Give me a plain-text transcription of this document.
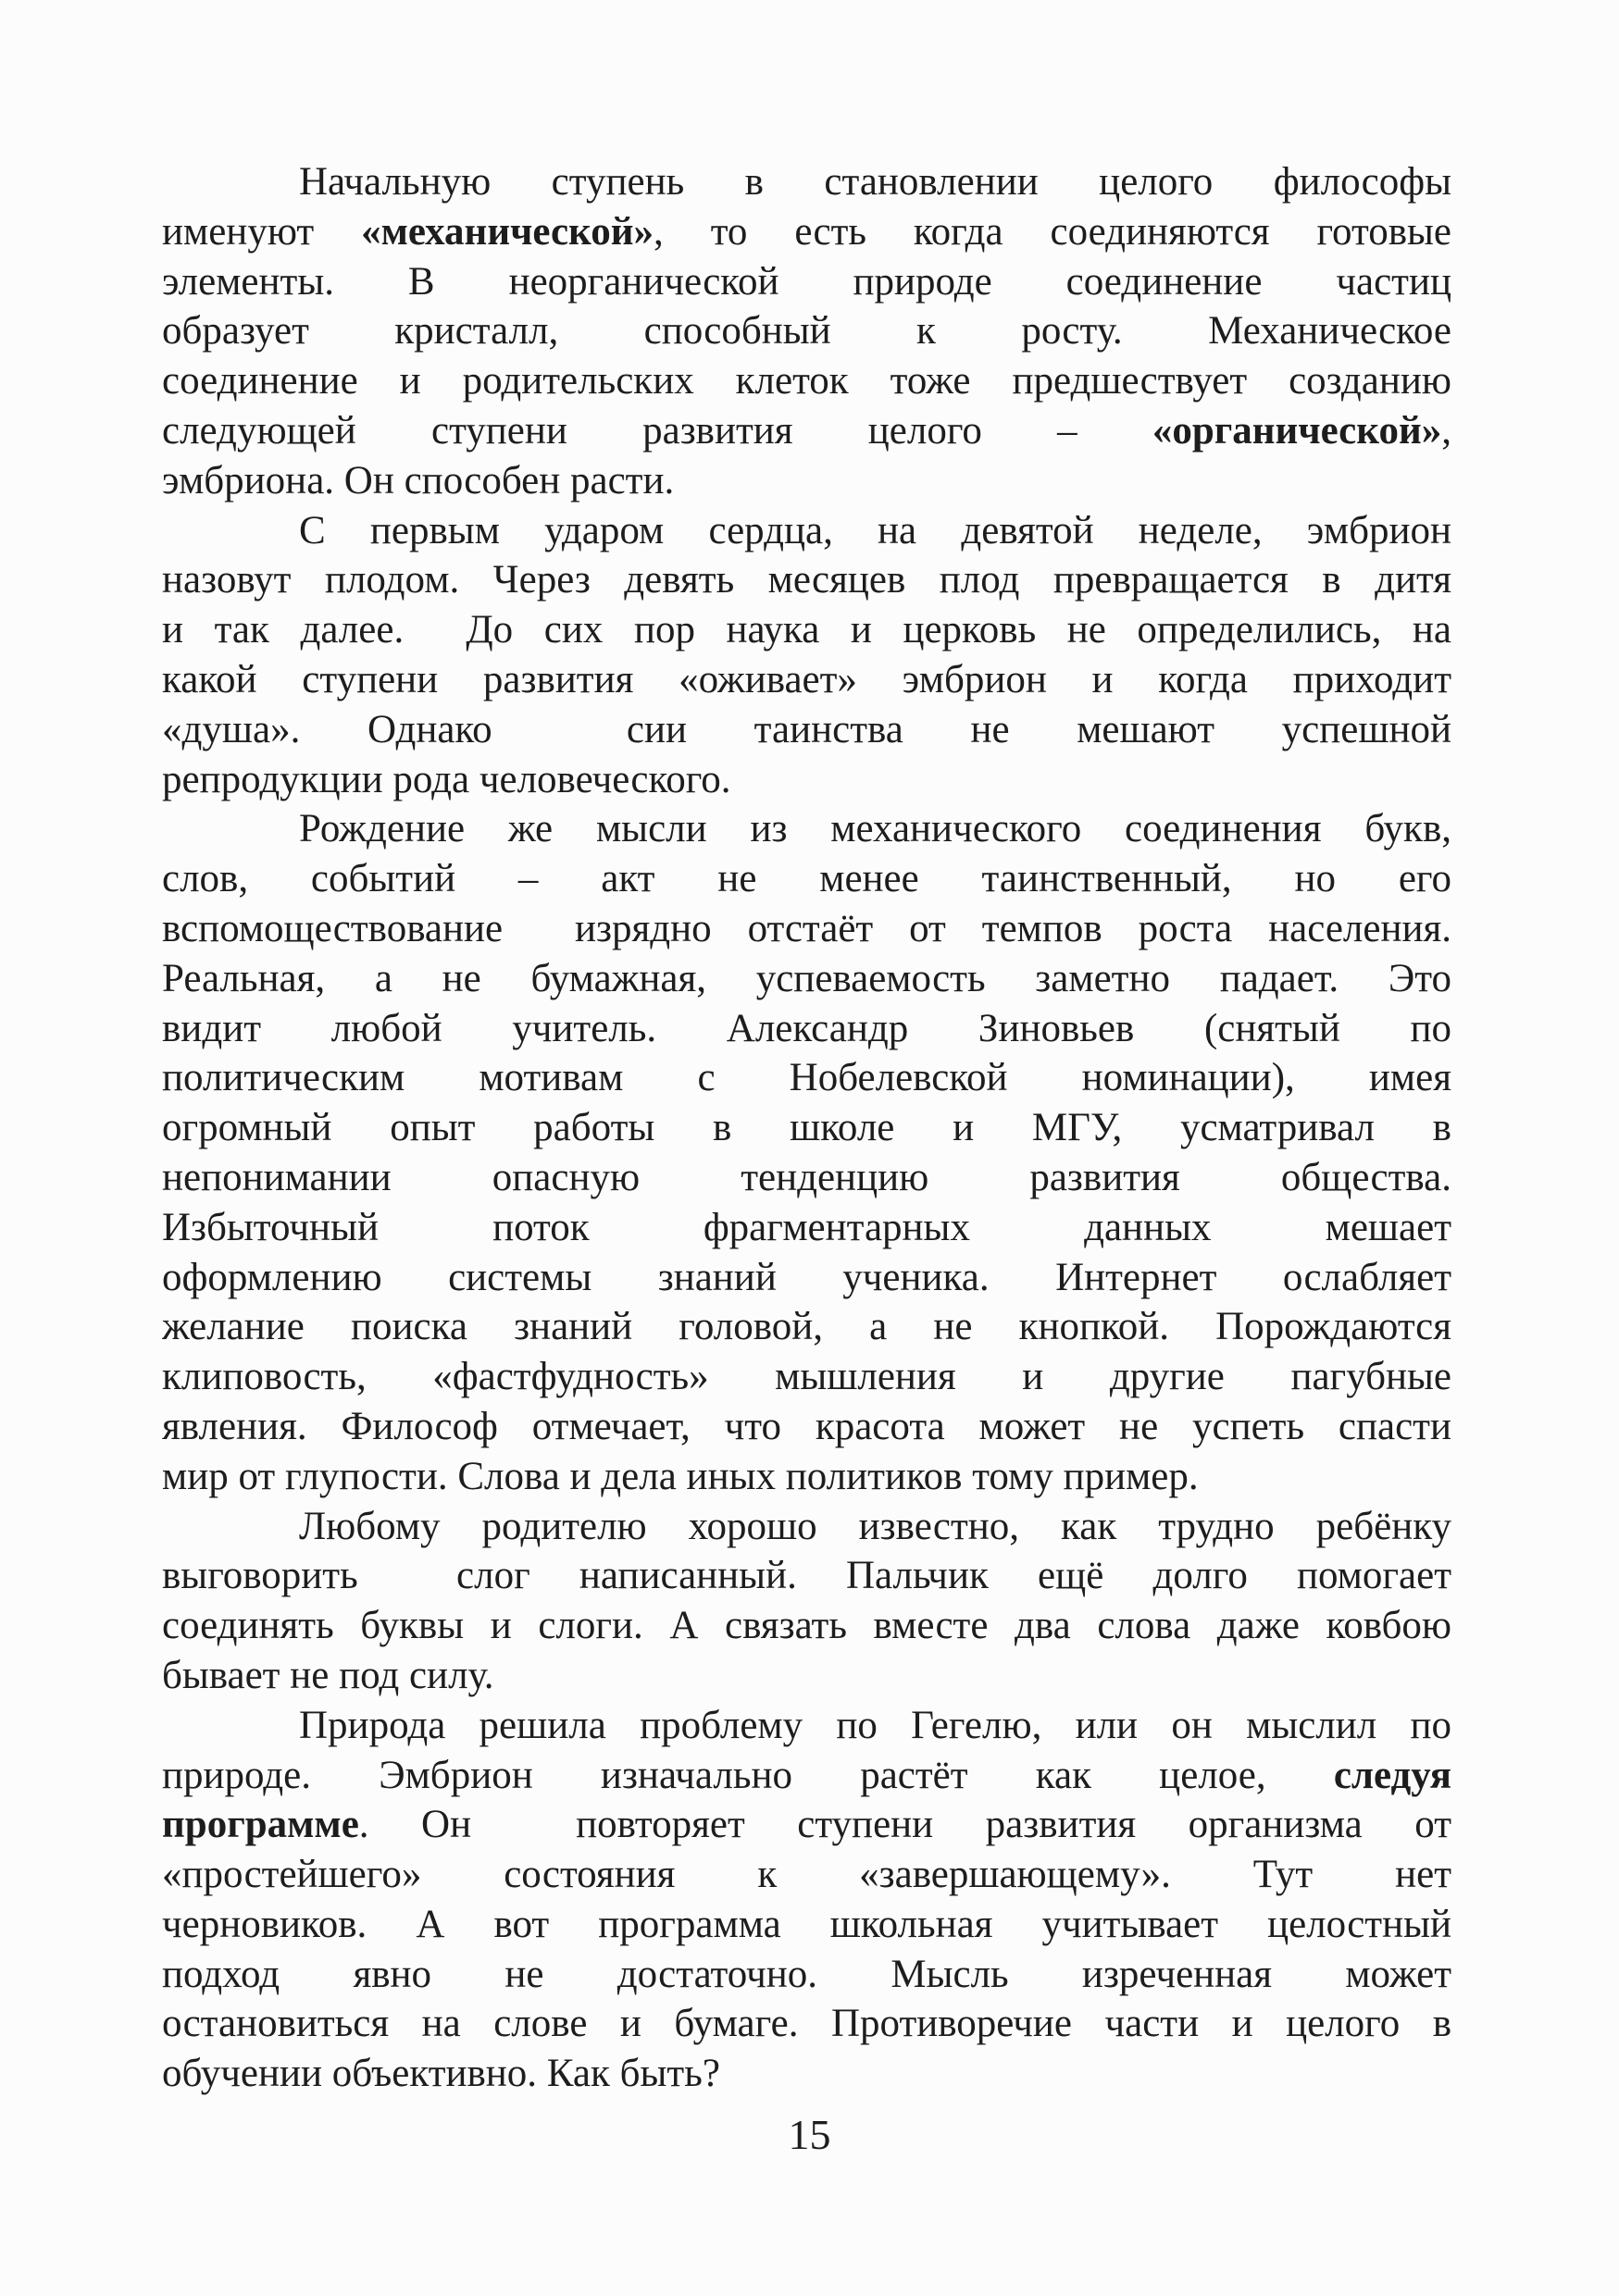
Начальную ступень в становлении целого философы
именуют «механической», то есть когда соединяются готовые
элементы. В неорганической природе соединение частиц
образует кристалл, способный к росту. Механическое
соединение и родительских клеток тоже предшествует созданию
следующей ступени развития целого – «органической»,
эмбриона. Он способен расти.
С первым ударом сердца, на девятой неделе, эмбрион
назовут плодом. Через девять месяцев плод превращается в дитя
и так далее.  До сих пор наука и церковь не определились, на
какой ступени развития «оживает» эмбрион и когда приходит
«душа». Однако  сии таинства не мешают успешной
репродукции рода человеческого.
Рождение же мысли из механического соединения букв,
слов, событий – акт не менее таинственный, но его
вспомоществование  изрядно отстаёт от темпов роста населения.
Реальная, а не бумажная, успеваемость заметно падает. Это
видит любой учитель. Александр Зиновьев (снятый по
политическим мотивам с Нобелевской номинации), имея
огромный опыт работы в школе и МГУ, усматривал в
непонимании опасную тенденцию развития общества.
Избыточный поток фрагментарных данных мешает
оформлению системы знаний ученика. Интернет ослабляет
желание поиска знаний головой, а не кнопкой. Порождаются
клиповость, «фастфудность» мышления и другие пагубные
явления. Философ отмечает, что красота может не успеть спасти
мир от глупости. Слова и дела иных политиков тому пример.
Любому родителю хорошо известно, как трудно ребёнку
выговорить  слог написанный. Пальчик ещё долго помогает
соединять буквы и слоги. А связать вместе два слова даже ковбою
бывает не под силу.
Природа решила проблему по Гегелю, или он мыслил по
природе. Эмбрион изначально растёт как целое, следуя
программе. Он  повторяет ступени развития организма от
«простейшего» состояния к «завершающему». Тут нет
черновиков. А вот программа школьная учитывает целостный
подход явно не достаточно. Мысль изреченная может
остановиться на слове и бумаге. Противоречие части и целого в
обучении объективно. Как быть?
15
